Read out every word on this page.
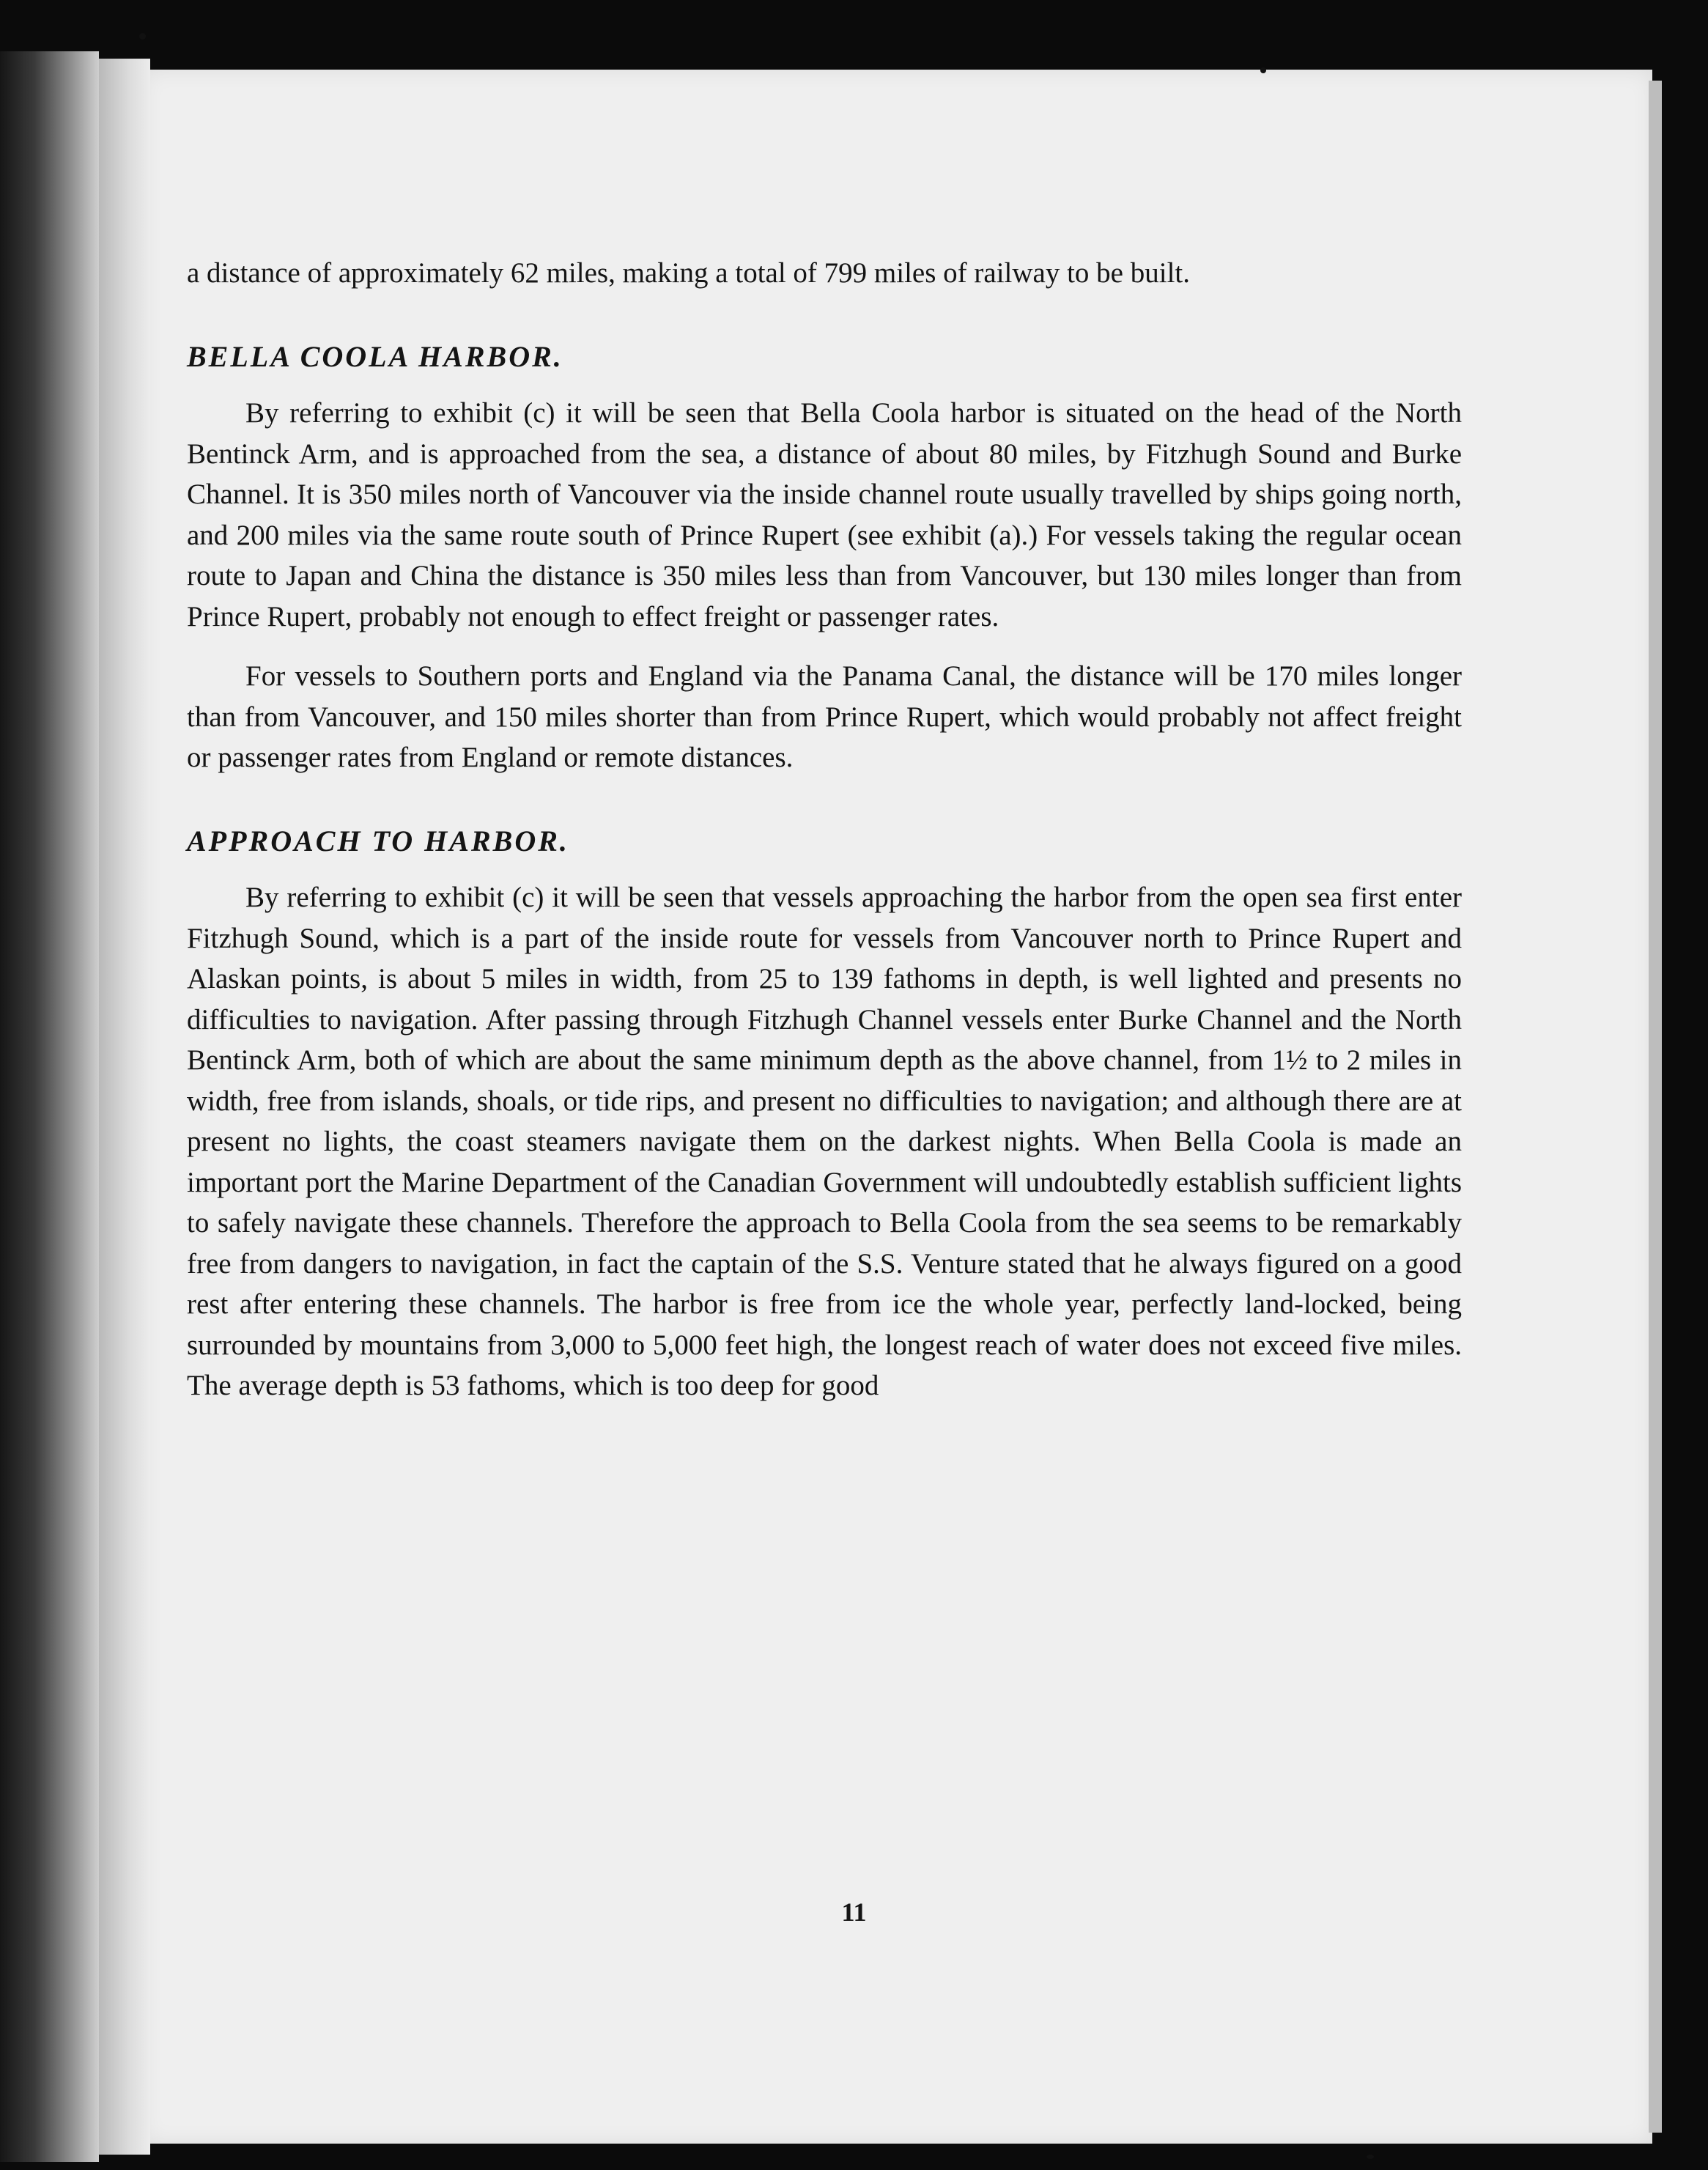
a distance of approximately 62 miles, making a total of 799 miles of railway to be built.

BELLA COOLA HARBOR.

By referring to exhibit (c) it will be seen that Bella Coola harbor is situated on the head of the North Bentinck Arm, and is approached from the sea, a distance of about 80 miles, by Fitzhugh Sound and Burke Channel. It is 350 miles north of Vancouver via the inside channel route usually travelled by ships going north, and 200 miles via the same route south of Prince Rupert (see exhibit (a).) For vessels taking the regular ocean route to Japan and China the distance is 350 miles less than from Vancouver, but 130 miles longer than from Prince Rupert, probably not enough to effect freight or passenger rates.

For vessels to Southern ports and England via the Panama Canal, the distance will be 170 miles longer than from Vancouver, and 150 miles shorter than from Prince Rupert, which would probably not affect freight or passenger rates from England or remote distances.

APPROACH TO HARBOR.

By referring to exhibit (c) it will be seen that vessels approaching the harbor from the open sea first enter Fitzhugh Sound, which is a part of the inside route for vessels from Vancouver north to Prince Rupert and Alaskan points, is about 5 miles in width, from 25 to 139 fathoms in depth, is well lighted and presents no difficulties to navigation. After passing through Fitzhugh Channel vessels enter Burke Channel and the North Bentinck Arm, both of which are about the same minimum depth as the above channel, from 1½ to 2 miles in width, free from islands, shoals, or tide rips, and present no difficulties to navigation; and although there are at present no lights, the coast steamers navigate them on the darkest nights. When Bella Coola is made an important port the Marine Department of the Canadian Government will undoubtedly establish sufficient lights to safely navigate these channels. Therefore the approach to Bella Coola from the sea seems to be remarkably free from dangers to navigation, in fact the captain of the S.S. Venture stated that he always figured on a good rest after entering these channels. The harbor is free from ice the whole year, perfectly land-locked, being surrounded by mountains from 3,000 to 5,000 feet high, the longest reach of water does not exceed five miles. The average depth is 53 fathoms, which is too deep for good

11
